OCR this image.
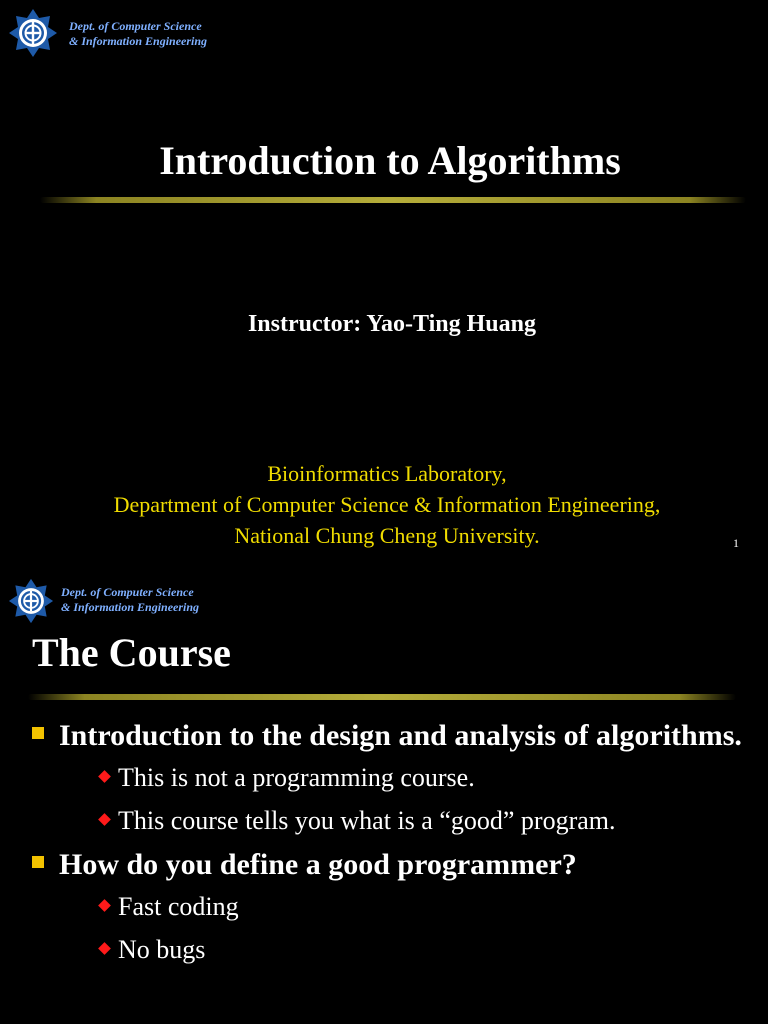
Dept. of Computer Science
& Information Engineering
Introduction to Algorithms
Instructor: Yao-Ting Huang
Bioinformatics Laboratory,
Department of Computer Science & Information Engineering,
National Chung Cheng University.	1
Dept. of Computer Science
& Information Engineering
The Course
Introduction to the design and analysis of algorithms.
This is not a programming course.
This course tells you what is a “good” program.
How do you define a good programmer?
Fast coding
No bugs
